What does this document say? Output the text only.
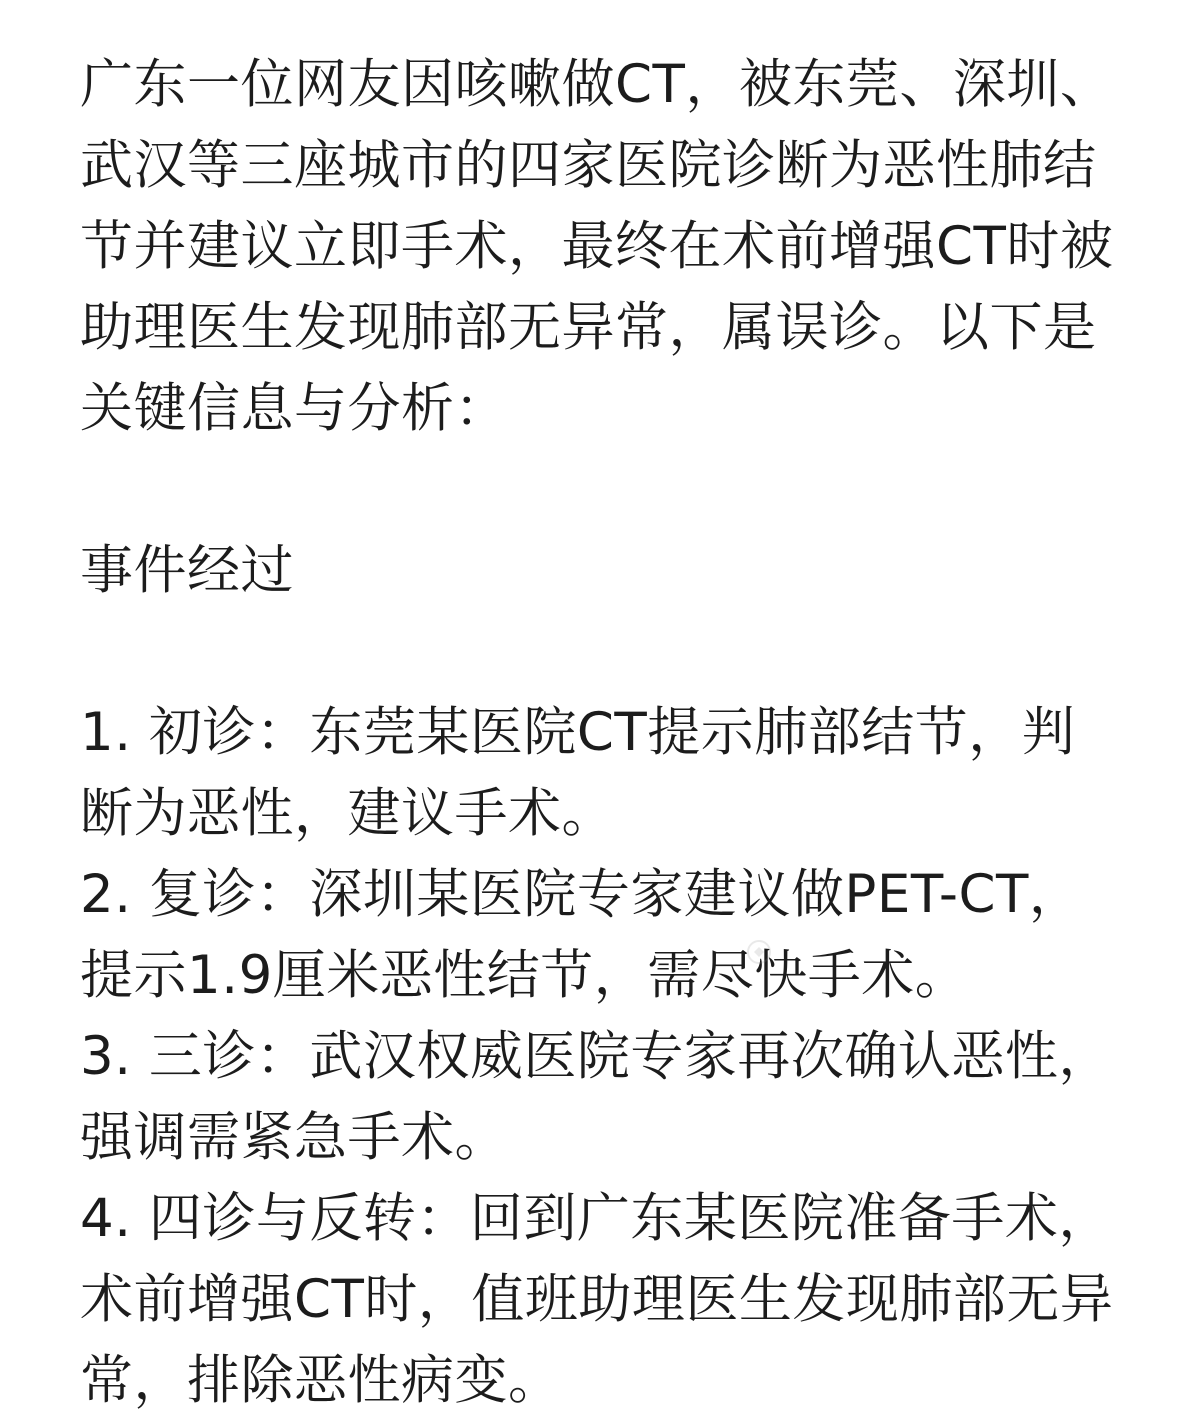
广东一位网友因咳嗽做CT，被东莞、深圳、武汉等三座城市的四家医院诊断为恶性肺结节并建议立即手术，最终在术前增强CT时被助理医生发现肺部无异常，属误诊。以下是关键信息与分析：

事件经过

1. 初诊：东莞某医院CT提示肺部结节，判断为恶性，建议手术。
2. 复诊：深圳某医院专家建议做PET-CT，提示1.9厘米恶性结节，需尽快手术。
3. 三诊：武汉权威医院专家再次确认恶性，强调需紧急手术。
4. 四诊与反转：回到广东某医院准备手术，术前增强CT时，值班助理医生发现肺部无异常，排除恶性病变。
